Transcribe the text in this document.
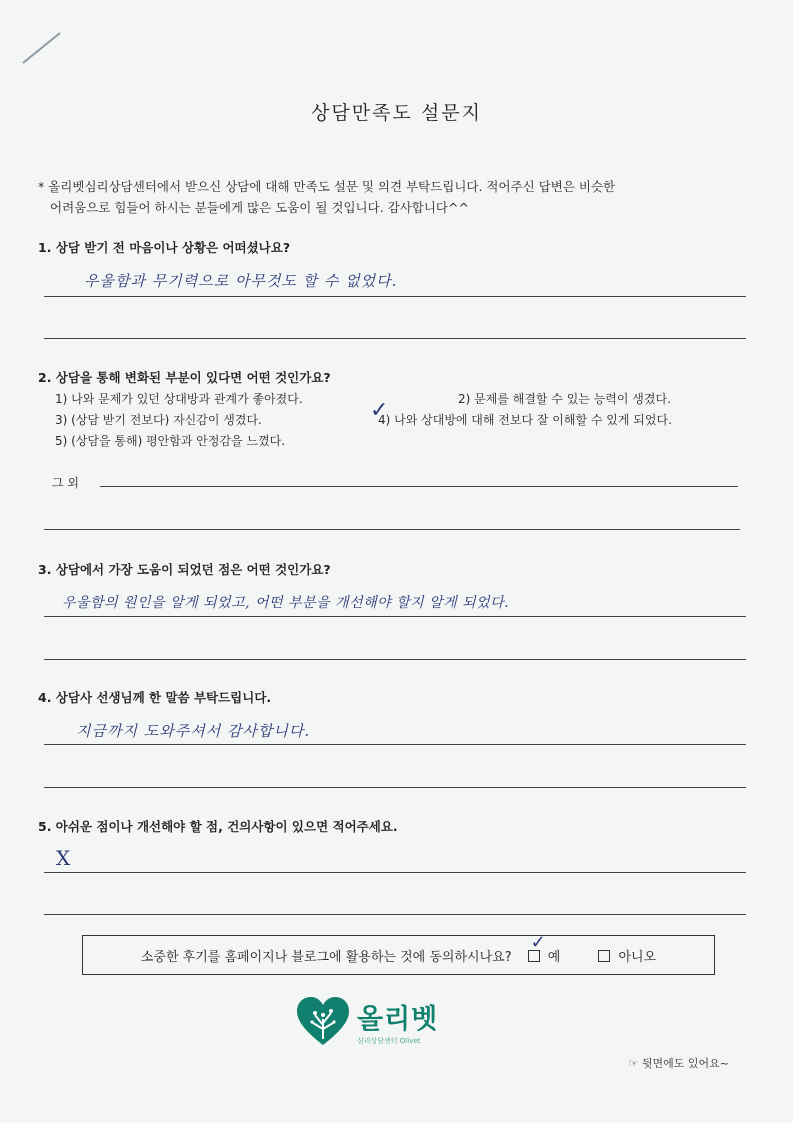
상담만족도 설문지
* 올리벳심리상담센터에서 받으신 상담에 대해 만족도 설문 및 의견 부탁드립니다. 적어주신 답변은 비슷한
어려움으로 힘들어 하시는 분들에게 많은 도움이 될 것입니다. 감사합니다^^
1. 상담 받기 전 마음이나 상황은 어떠셨나요?
우울함과 무기력으로 아무것도 할 수 없었다.
2. 상담을 통해 변화된 부분이 있다면 어떤 것인가요?
1) 나와 문제가 있던 상대방과 관계가 좋아졌다.	2) 문제를 해결할 수 있는 능력이 생겼다.
3) (상담 받기 전보다) 자신감이 생겼다.	4) 나와 상대방에 대해 전보다 잘 이해할 수 있게 되었다.
✓
5) (상담을 통해) 평안함과 안정감을 느꼈다.
그 외
3. 상담에서 가장 도움이 되었던 점은 어떤 것인가요?
우울함의 원인을 알게 되었고, 어떤 부분을 개선해야 할지 알게 되었다.
4. 상담사 선생님께 한 말씀 부탁드립니다.
지금까지 도와주셔서 감사합니다.
5. 아쉬운 점이나 개선해야 할 점, 건의사항이 있으면 적어주세요.
X
소중한 후기를 홈페이지나 블로그에 활용하는 것에 동의하시나요?

✓
예	아니오
올리벳
심리상담센터 Olivet
☞ 뒷면에도 있어요~
